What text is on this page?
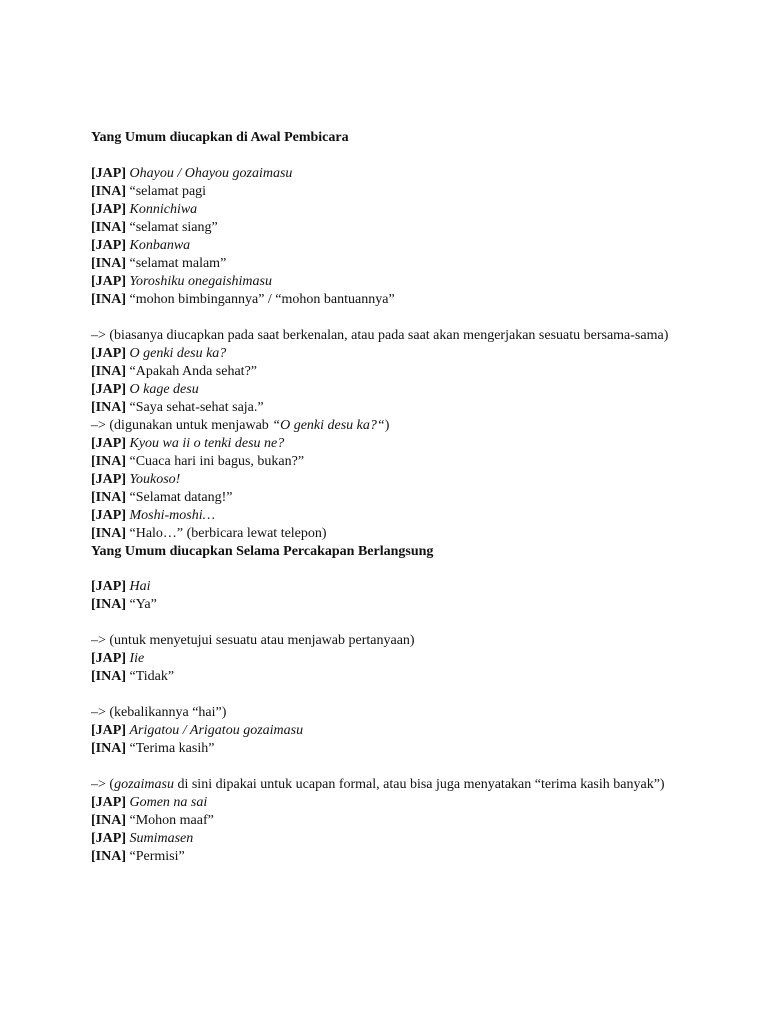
Yang Umum diucapkan di Awal Pembicara
[JAP] Ohayou / Ohayou gozaimasu
[INA] “selamat pagi
[JAP] Konnichiwa
[INA] “selamat siang”
[JAP] Konbanwa
[INA] “selamat malam”
[JAP] Yoroshiku onegaishimasu
[INA] “mohon bimbingannya” / “mohon bantuannya”
–> (biasanya diucapkan pada saat berkenalan, atau pada saat akan mengerjakan sesuatu bersama-sama)
[JAP] O genki desu ka?
[INA] “Apakah Anda sehat?”
[JAP] O kage desu
[INA] “Saya sehat-sehat saja.”
–> (digunakan untuk menjawab “O genki desu ka?“)
[JAP] Kyou wa ii o tenki desu ne?
[INA] “Cuaca hari ini bagus, bukan?”
[JAP] Youkoso!
[INA] “Selamat datang!”
[JAP] Moshi-moshi…
[INA] “Halo…” (berbicara lewat telepon)
Yang Umum diucapkan Selama Percakapan Berlangsung
[JAP] Hai
[INA] “Ya”
–> (untuk menyetujui sesuatu atau menjawab pertanyaan)
[JAP] Iie
[INA] “Tidak”
–> (kebalikannya “hai”)
[JAP] Arigatou / Arigatou gozaimasu
[INA] “Terima kasih”
–> (gozaimasu di sini dipakai untuk ucapan formal, atau bisa juga menyatakan “terima kasih banyak”)
[JAP] Gomen na sai
[INA] “Mohon maaf”
[JAP] Sumimasen
[INA] “Permisi”
